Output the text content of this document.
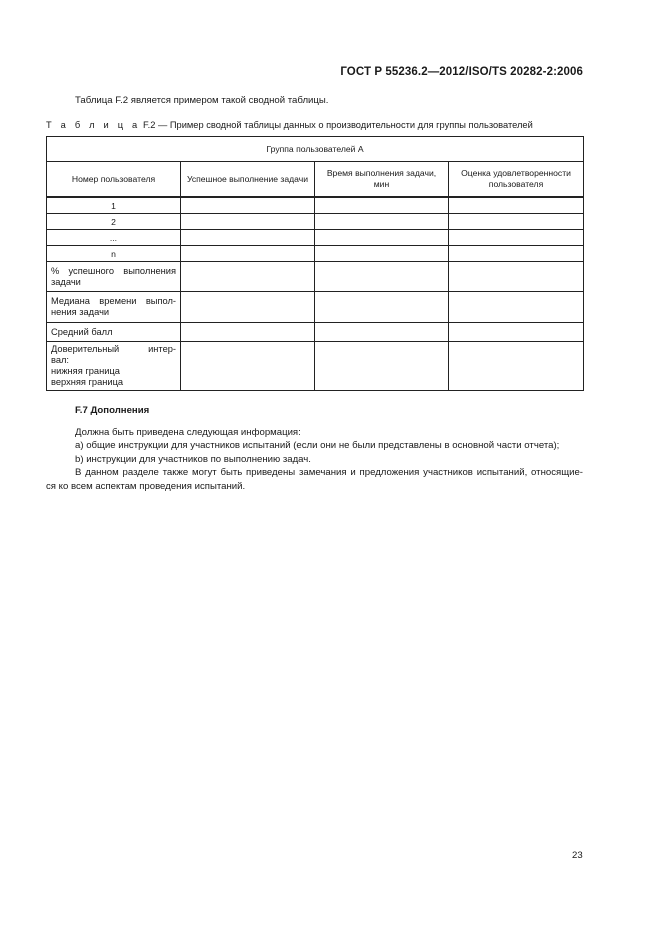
ГОСТ Р 55236.2—2012/ISO/TS 20282-2:2006
Таблица F.2 является примером такой сводной таблицы.
Т а б л и ц а F.2 — Пример сводной таблицы данных о производительности для группы пользователей
Группа пользователей А			
Номер пользователя	Успешное выполнение задачи	Время выполнения задачи, мин	Оценка удовлетворенности пользователя
1			
2			
...			
n			

% успешного выполнения
задачи			

Медиана времени выпол-
нения задачи			

Средний балл			

Доверительный интер-
вал:
нижняя граница
верхняя граница			

F.7 Дополнения

Должна быть приведена следующая информация:

а) общие инструкции для участников испытаний (если они не были представлены в основной части отчета);

b) инструкции для участников по выполнению задач.

В данном разделе также могут быть приведены замечания и предложения участников испытаний, относящие-

ся ко всем аспектам проведения испытаний.

23
